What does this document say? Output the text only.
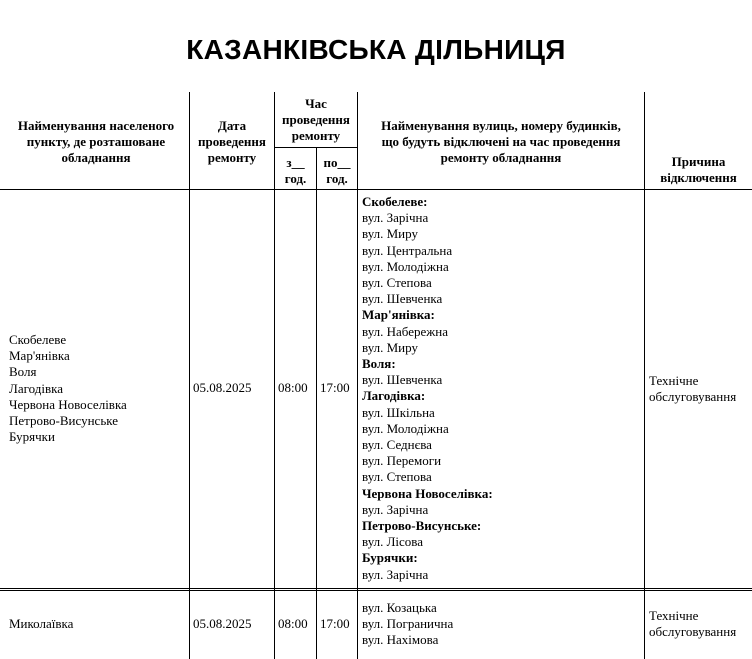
КАЗАНКІВСЬКА ДІЛЬНИЦЯ
Найменування населеного
пункту, де розташоване
обладнання
Дата
проведення
ремонту
Час
проведення
ремонту
з__
год.
по__
год.
Найменування вулиць, номеру будинків,
що будуть відключені на час проведення
ремонту обладнання	Причина
відключення
Скобелеве
Мар'янівка
Воля
Лагодівка
Червона Новоселівка
Петрово-Висунське
Бурячки
05.08.2025 08:00 17:00
Скобелеве:
вул. Зарічна
вул. Миру
вул. Центральна
вул. Молодіжна
вул. Степова
вул. Шевченка
Мар'янівка:
вул. Набережна
вул. Миру
Воля:
вул. Шевченка
Лагодівка:
вул. Шкільна
вул. Молодіжна
вул. Седнєва
вул. Перемоги
вул. Степова
Червона Новоселівка:
вул. Зарічна
Петрово-Висунське:
вул. Лісова
Бурячки:
вул. Зарічна
Технічне
обслуговування
Миколаївка	05.08.2025 08:00 17:00
вул. Козацька
вул. Погранична
вул. Нахімова
Технічне
обслуговування
